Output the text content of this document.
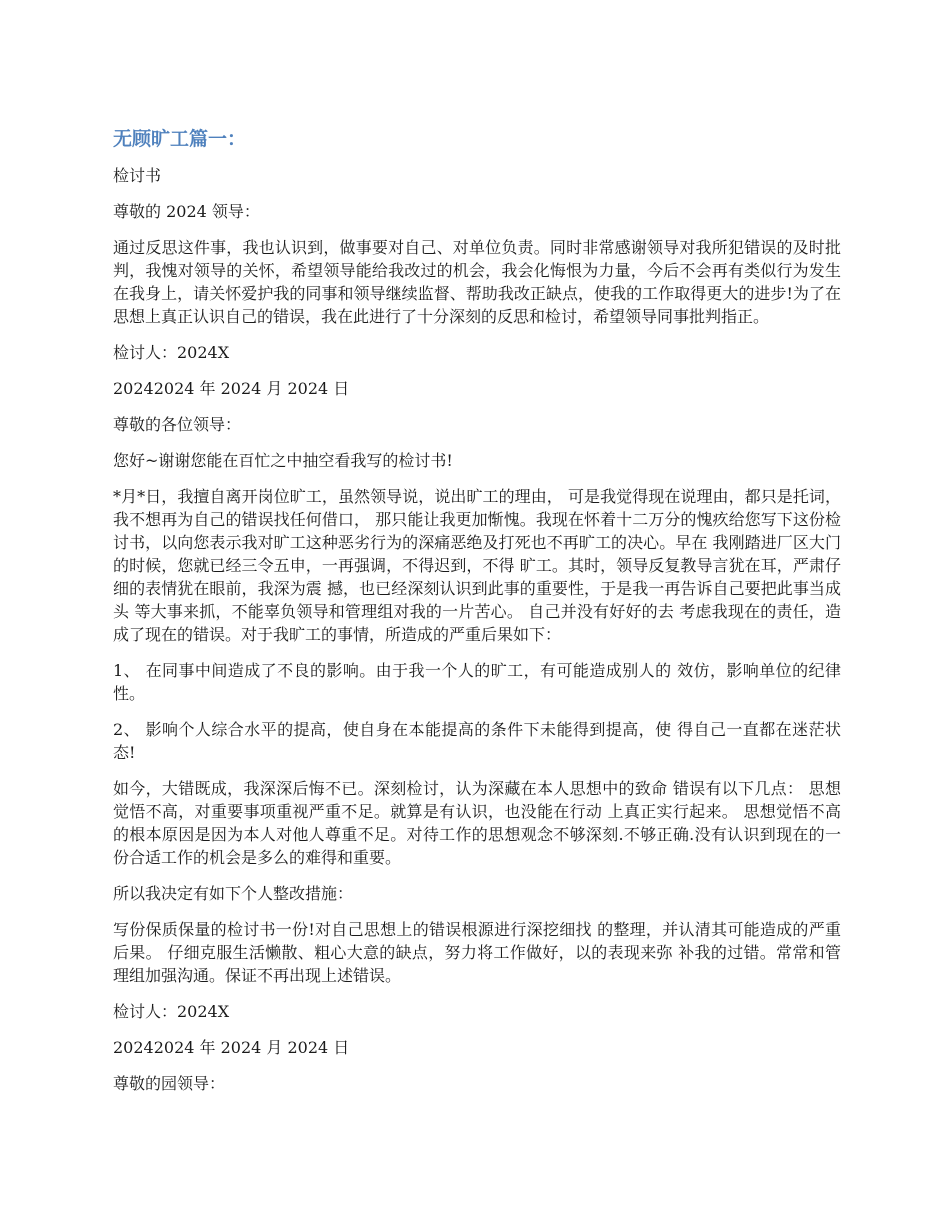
无顾旷工篇一：
检讨书
尊敬的 2024 领导：
通过反思这件事，我也认识到，做事要对自己、对单位负责。同时非常感谢领导对我所犯错误的及时批判，我愧对领导的关怀，希望领导能给我改过的机会，我会化悔恨为力量，今后不会再有类似行为发生在我身上，请关怀爱护我的同事和领导继续监督、帮助我改正缺点，使我的工作取得更大的进步!为了在思想上真正认识自己的错误，我在此进行了十分深刻的反思和检讨，希望领导同事批判指正。
检讨人：2024X
20242024 年 2024 月 2024 日
尊敬的各位领导：
您好~谢谢您能在百忙之中抽空看我写的检讨书!
*月*日，我擅自离开岗位旷工，虽然领导说，说出旷工的理由， 可是我觉得现在说理由，都只是托词，我不想再为自己的错误找任何借口， 那只能让我更加惭愧。我现在怀着十二万分的愧疚给您写下这份检讨书，以向您表示我对旷工这种恶劣行为的深痛恶绝及打死也不再旷工的决心。早在 我刚踏进厂区大门的时候，您就已经三令五申，一再强调，不得迟到，不得 旷工。其时，领导反复教导言犹在耳，严肃仔细的表情犹在眼前，我深为震 撼，也已经深刻认识到此事的重要性，于是我一再告诉自己要把此事当成头 等大事来抓，不能辜负领导和管理组对我的一片苦心。 自己并没有好好的去 考虑我现在的责任，造成了现在的错误。对于我旷工的事情，所造成的严重后果如下：
1、 在同事中间造成了不良的影响。由于我一个人的旷工，有可能造成别人的 效仿，影响单位的纪律性。
2、 影响个人综合水平的提高，使自身在本能提高的条件下未能得到提高，使 得自己一直都在迷茫状态!
如今，大错既成，我深深后悔不已。深刻检讨，认为深藏在本人思想中的致命 错误有以下几点： 思想觉悟不高，对重要事项重视严重不足。就算是有认识，也没能在行动 上真正实行起来。 思想觉悟不高的根本原因是因为本人对他人尊重不足。对待工作的思想观念不够深刻.不够正确.没有认识到现在的一份合适工作的机会是多么的难得和重要。
所以我决定有如下个人整改措施：
写份保质保量的检讨书一份!对自己思想上的错误根源进行深挖细找 的整理，并认清其可能造成的严重后果。 仔细克服生活懒散、粗心大意的缺点，努力将工作做好，以的表现来弥 补我的过错。常常和管理组加强沟通。保证不再出现上述错误。
检讨人：2024X
20242024 年 2024 月 2024 日
尊敬的园领导：
